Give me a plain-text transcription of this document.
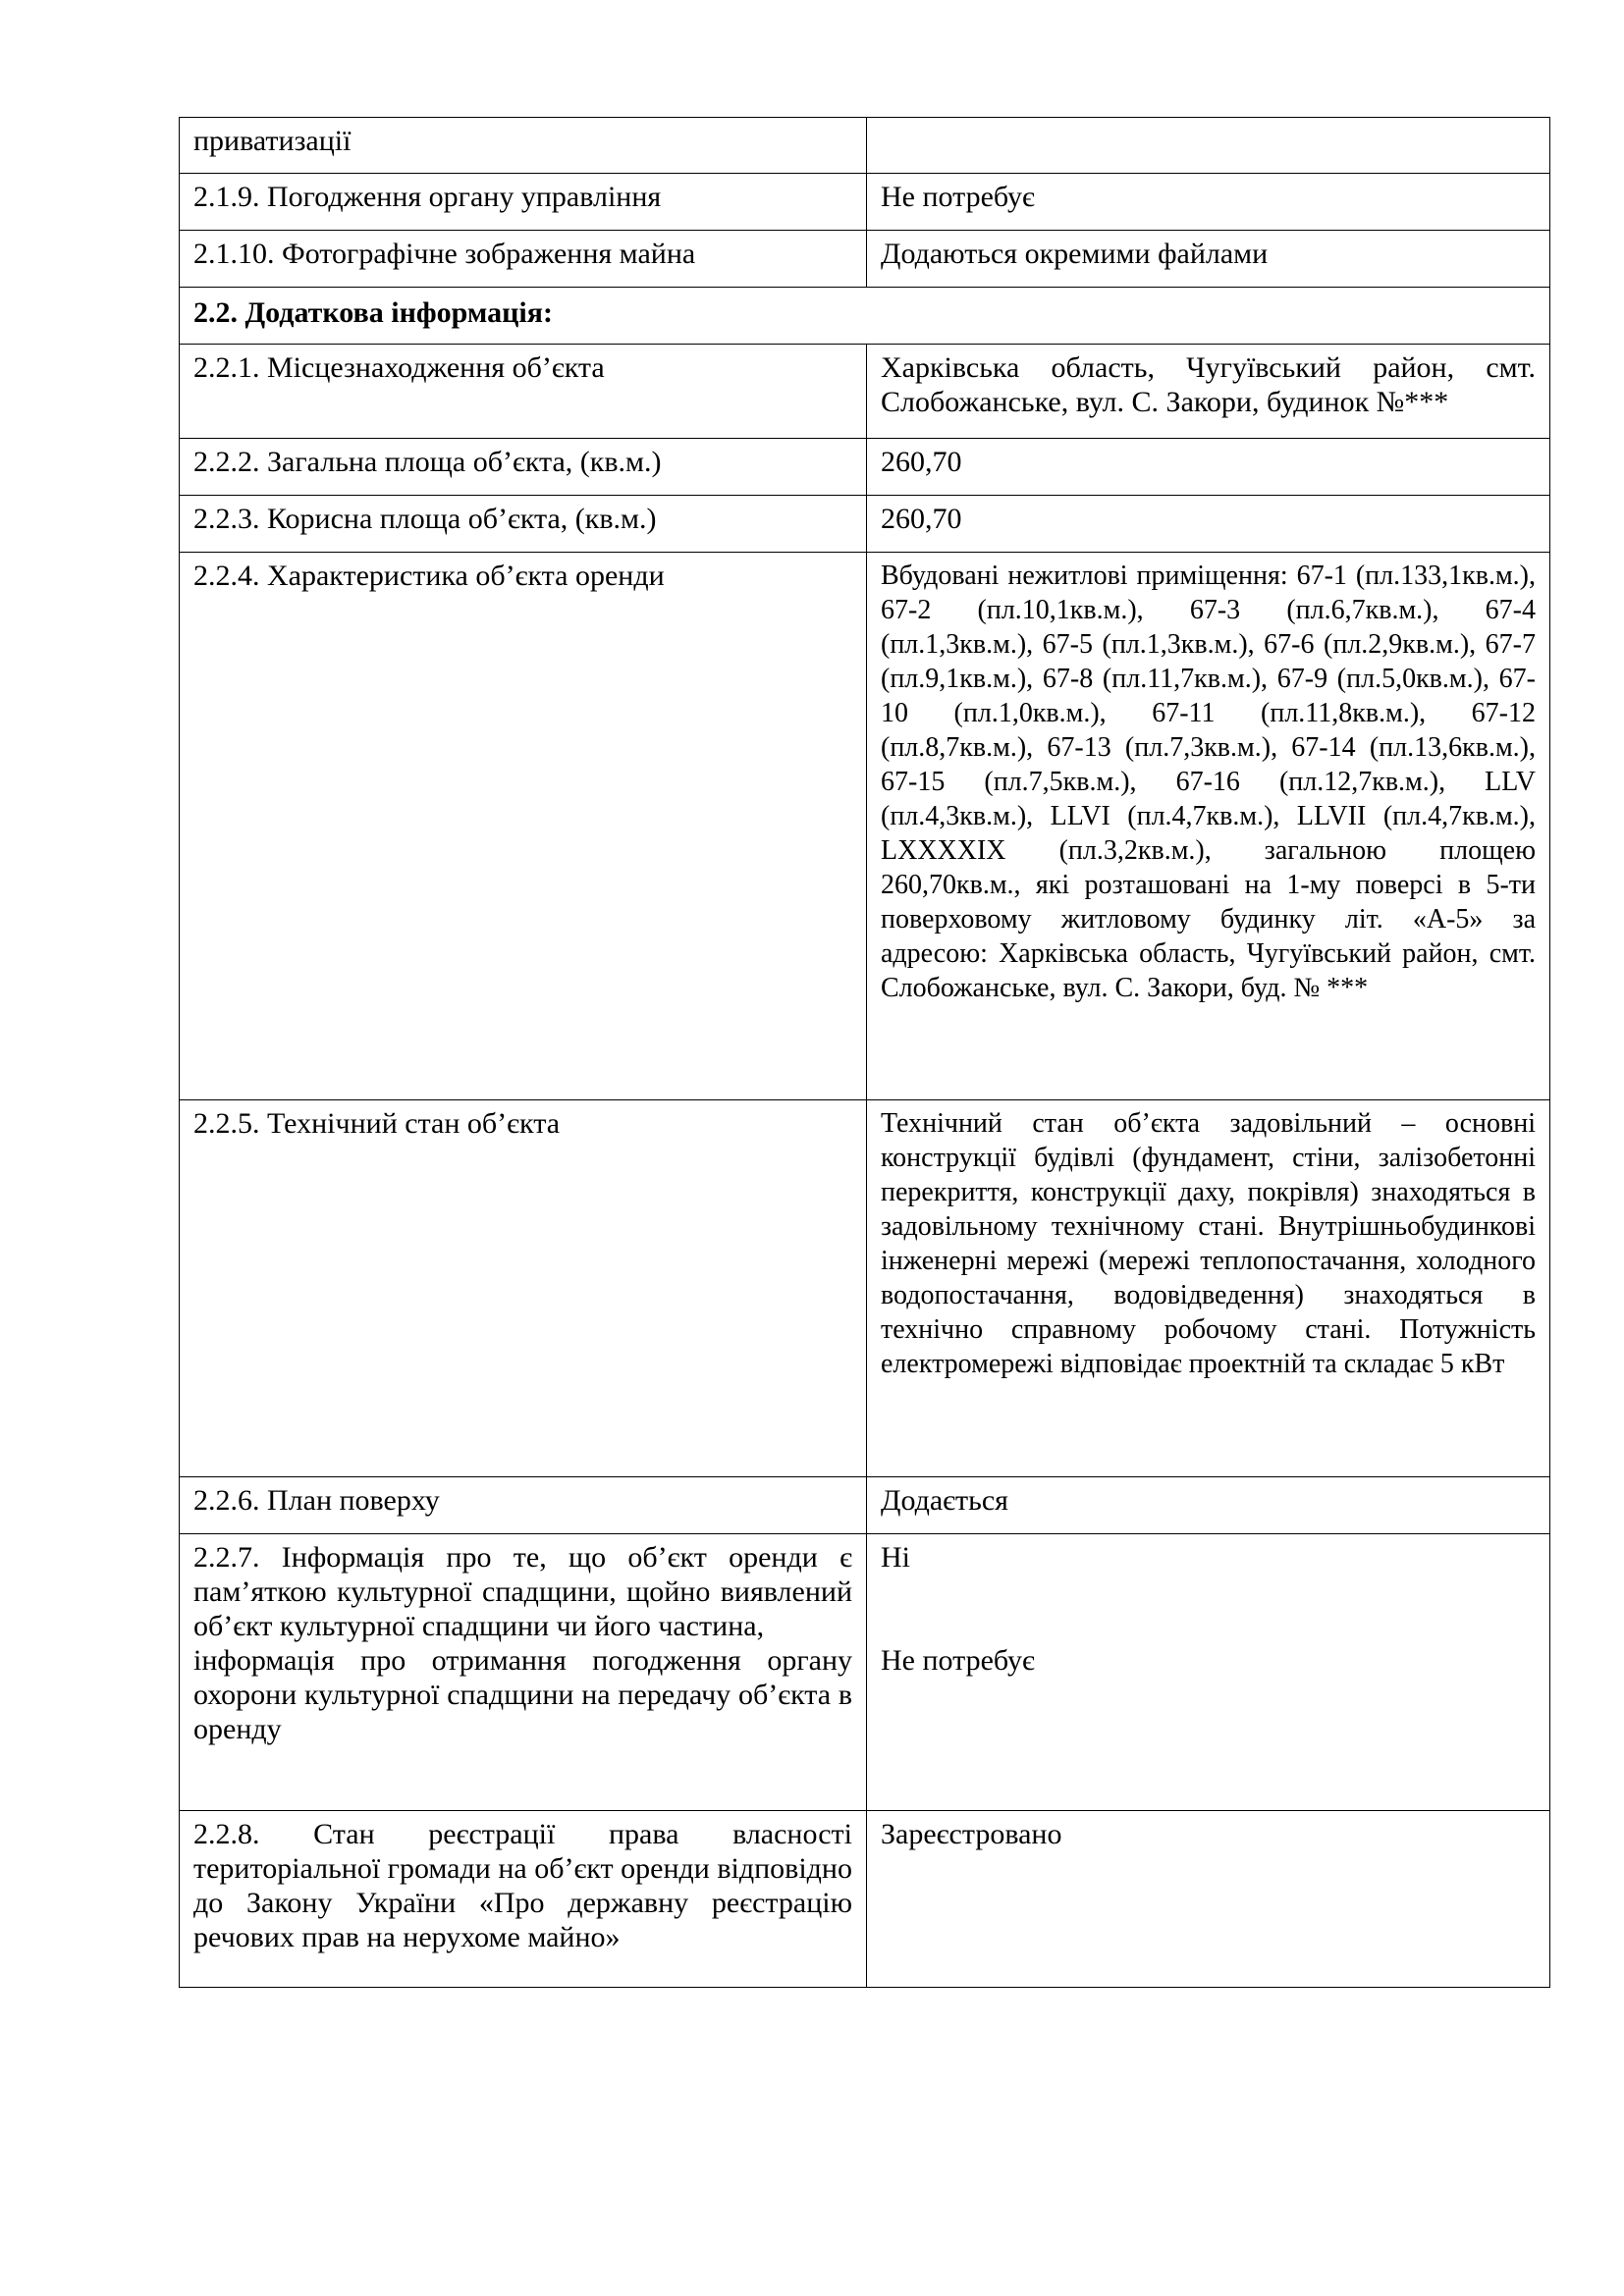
приватизації	
2.1.9. Погодження органу управління	Не потребує
2.1.10. Фотографічне зображення майна	Додаються окремими файлами
2.2. Додаткова інформація:	
2.2.1. Місцезнаходження об’єкта	Харківська область, Чугуївський район, смт. Слобожанське, вул. С. Закори, будинок №***
2.2.2. Загальна площа об’єкта, (кв.м.)	260,70
2.2.3. Корисна площа об’єкта, (кв.м.)	260,70
2.2.4. Характеристика об’єкта оренди	Вбудовані нежитлові приміщення: 67-1 (пл.133,1кв.м.), 67-2 (пл.10,1кв.м.), 67-3 (пл.6,7кв.м.), 67-4 (пл.1,3кв.м.), 67-5 (пл.1,3кв.м.), 67-6 (пл.2,9кв.м.), 67-7 (пл.9,1кв.м.), 67-8 (пл.11,7кв.м.), 67-9 (пл.5,0кв.м.), 67-10 (пл.1,0кв.м.), 67-11 (пл.11,8кв.м.), 67-12 (пл.8,7кв.м.), 67-13 (пл.7,3кв.м.), 67-14 (пл.13,6кв.м.), 67-15 (пл.7,5кв.м.), 67-16 (пл.12,7кв.м.), LLV (пл.4,3кв.м.), LLVI (пл.4,7кв.м.), LLVII (пл.4,7кв.м.), LXXXXIX (пл.3,2кв.м.), загальною площею 260,70кв.м., які розташовані на 1-му поверсі в 5-ти поверховому житловому будинку літ. «А-5» за адресою: Харківська область, Чугуївський район, смт. Слобожанське, вул. С. Закори, буд. № ***
2.2.5. Технічний стан об’єкта	Технічний стан об’єкта задовільний – основні конструкції будівлі (фундамент, стіни, залізобетонні перекриття, конструкції даху, покрівля) знаходяться в задовільному технічному стані. Внутрішньобудинкові інженерні мережі (мережі теплопостачання, холодного водопостачання, водовідведення) знаходяться в технічно справному робочому стані. Потужність електромережі відповідає проектній та складає 5 кВт
2.2.6. План поверху	Додається

2.2.7. Інформація про те, що об’єкт оренди є пам’яткою культурної спадщини, щойно виявлений об’єкт культурної спадщини чи його частина,
інформація про отримання погодження органу охорони культурної спадщини на передачу об’єкта в оренду	Ні
Не потребує

2.2.8. Стан реєстрації права власності територіальної громади на об’єкт оренди відповідно до Закону України «Про державну реєстрацію речових прав на нерухоме майно»	Зареєстровано
